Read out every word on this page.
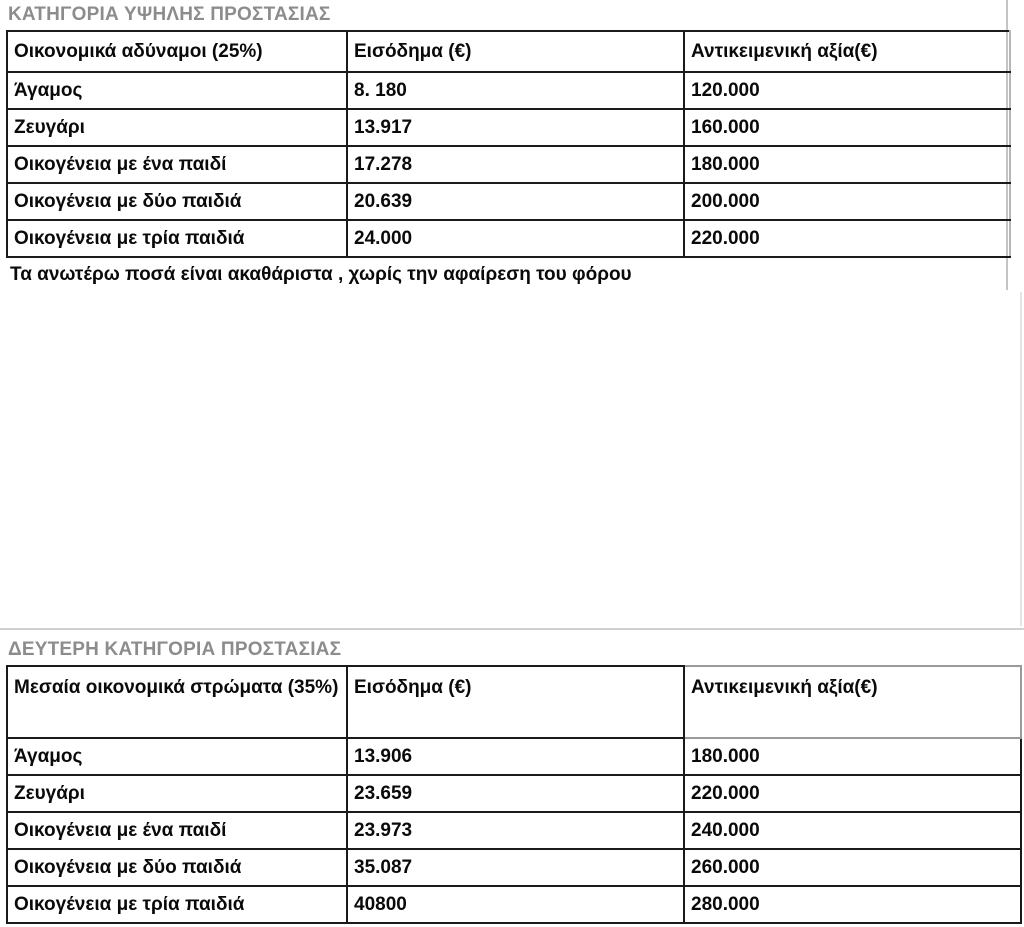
ΚΑΤΗΓΟΡΙΑ ΥΨΗΛΗΣ ΠΡΟΣΤΑΣΙΑΣ
Οικονομικά αδύναμοι (25%)	Εισόδημα (€)	Αντικειμενική αξία(€)
Άγαμος	8. 180	120.000
Ζευγάρι	13.917	160.000
Οικογένεια με ένα παιδί	17.278	180.000
Οικογένεια με δύο παιδιά	20.639	200.000
Οικογένεια με τρία παιδιά	24.000	220.000
Τα ανωτέρω ποσά είναι ακαθάριστα , χωρίς την αφαίρεση του φόρου
ΔΕΥΤΕΡΗ ΚΑΤΗΓΟΡΙΑ ΠΡΟΣΤΑΣΙΑΣ
Μεσαία οικονομικά στρώματα (35%)	Εισόδημα (€)	Αντικειμενική αξία(€)
Άγαμος	13.906	180.000
Ζευγάρι	23.659	220.000
Οικογένεια με ένα παιδί	23.973	240.000
Οικογένεια με δύο παιδιά	35.087	260.000
Οικογένεια με τρία παιδιά	40800	280.000
